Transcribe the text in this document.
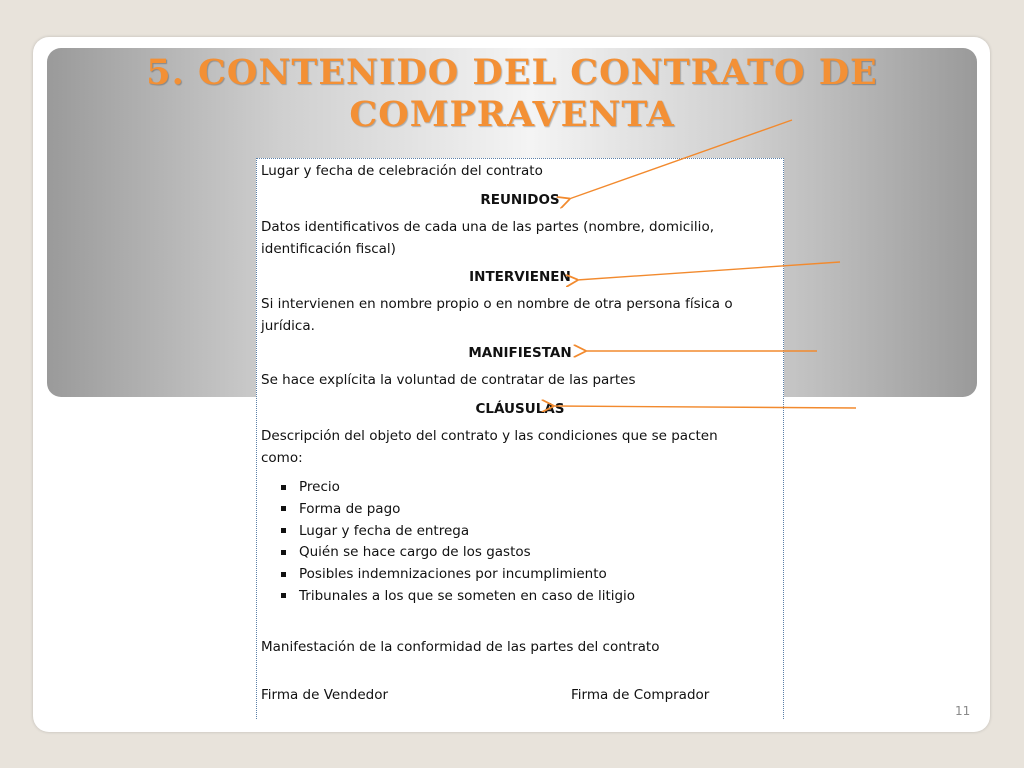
5. CONTENIDO DEL CONTRATO DE
COMPRAVENTA
Lugar y fecha de celebración del contrato
REUNIDOS
Datos identificativos de cada una de las partes (nombre, domicilio,
identificación fiscal)
INTERVIENEN
Si intervienen en nombre propio o en nombre de otra persona física o
jurídica.
MANIFIESTAN
Se hace explícita la voluntad de contratar de las partes
CLÁUSULAS
Descripción del objeto del contrato y las condiciones que se pacten
como:
Precio
Forma de pago
Lugar y fecha de entrega
Quién se hace cargo de los gastos
Posibles indemnizaciones por incumplimiento
Tribunales a los que se someten en caso de litigio
Manifestación de la conformidad de las partes del contrato
Firma de Vendedor	Firma de Comprador
11
